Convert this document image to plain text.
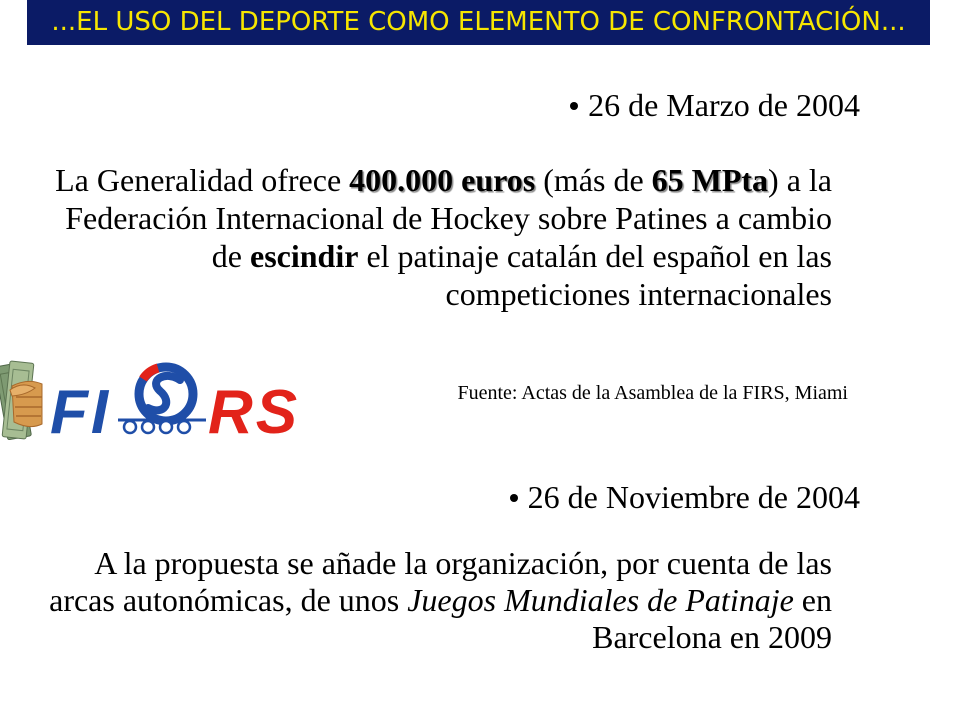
...EL USO DEL DEPORTE COMO ELEMENTO DE CONFRONTACIÓN...
26 de Marzo de 2004
La Generalidad ofrece 400.000 euros (más de 65 MPta) a la
Federación Internacional de Hockey sobre Patines a cambio
de escindir el patinaje catalán del español en las
competiciones internacionales
FI RS	Fuente: Actas de la Asamblea de la FIRS, Miami
26 de Noviembre de 2004
A la propuesta se añade la organización, por cuenta de las
arcas autonómicas, de unos Juegos Mundiales de Patinaje en
Barcelona en 2009
